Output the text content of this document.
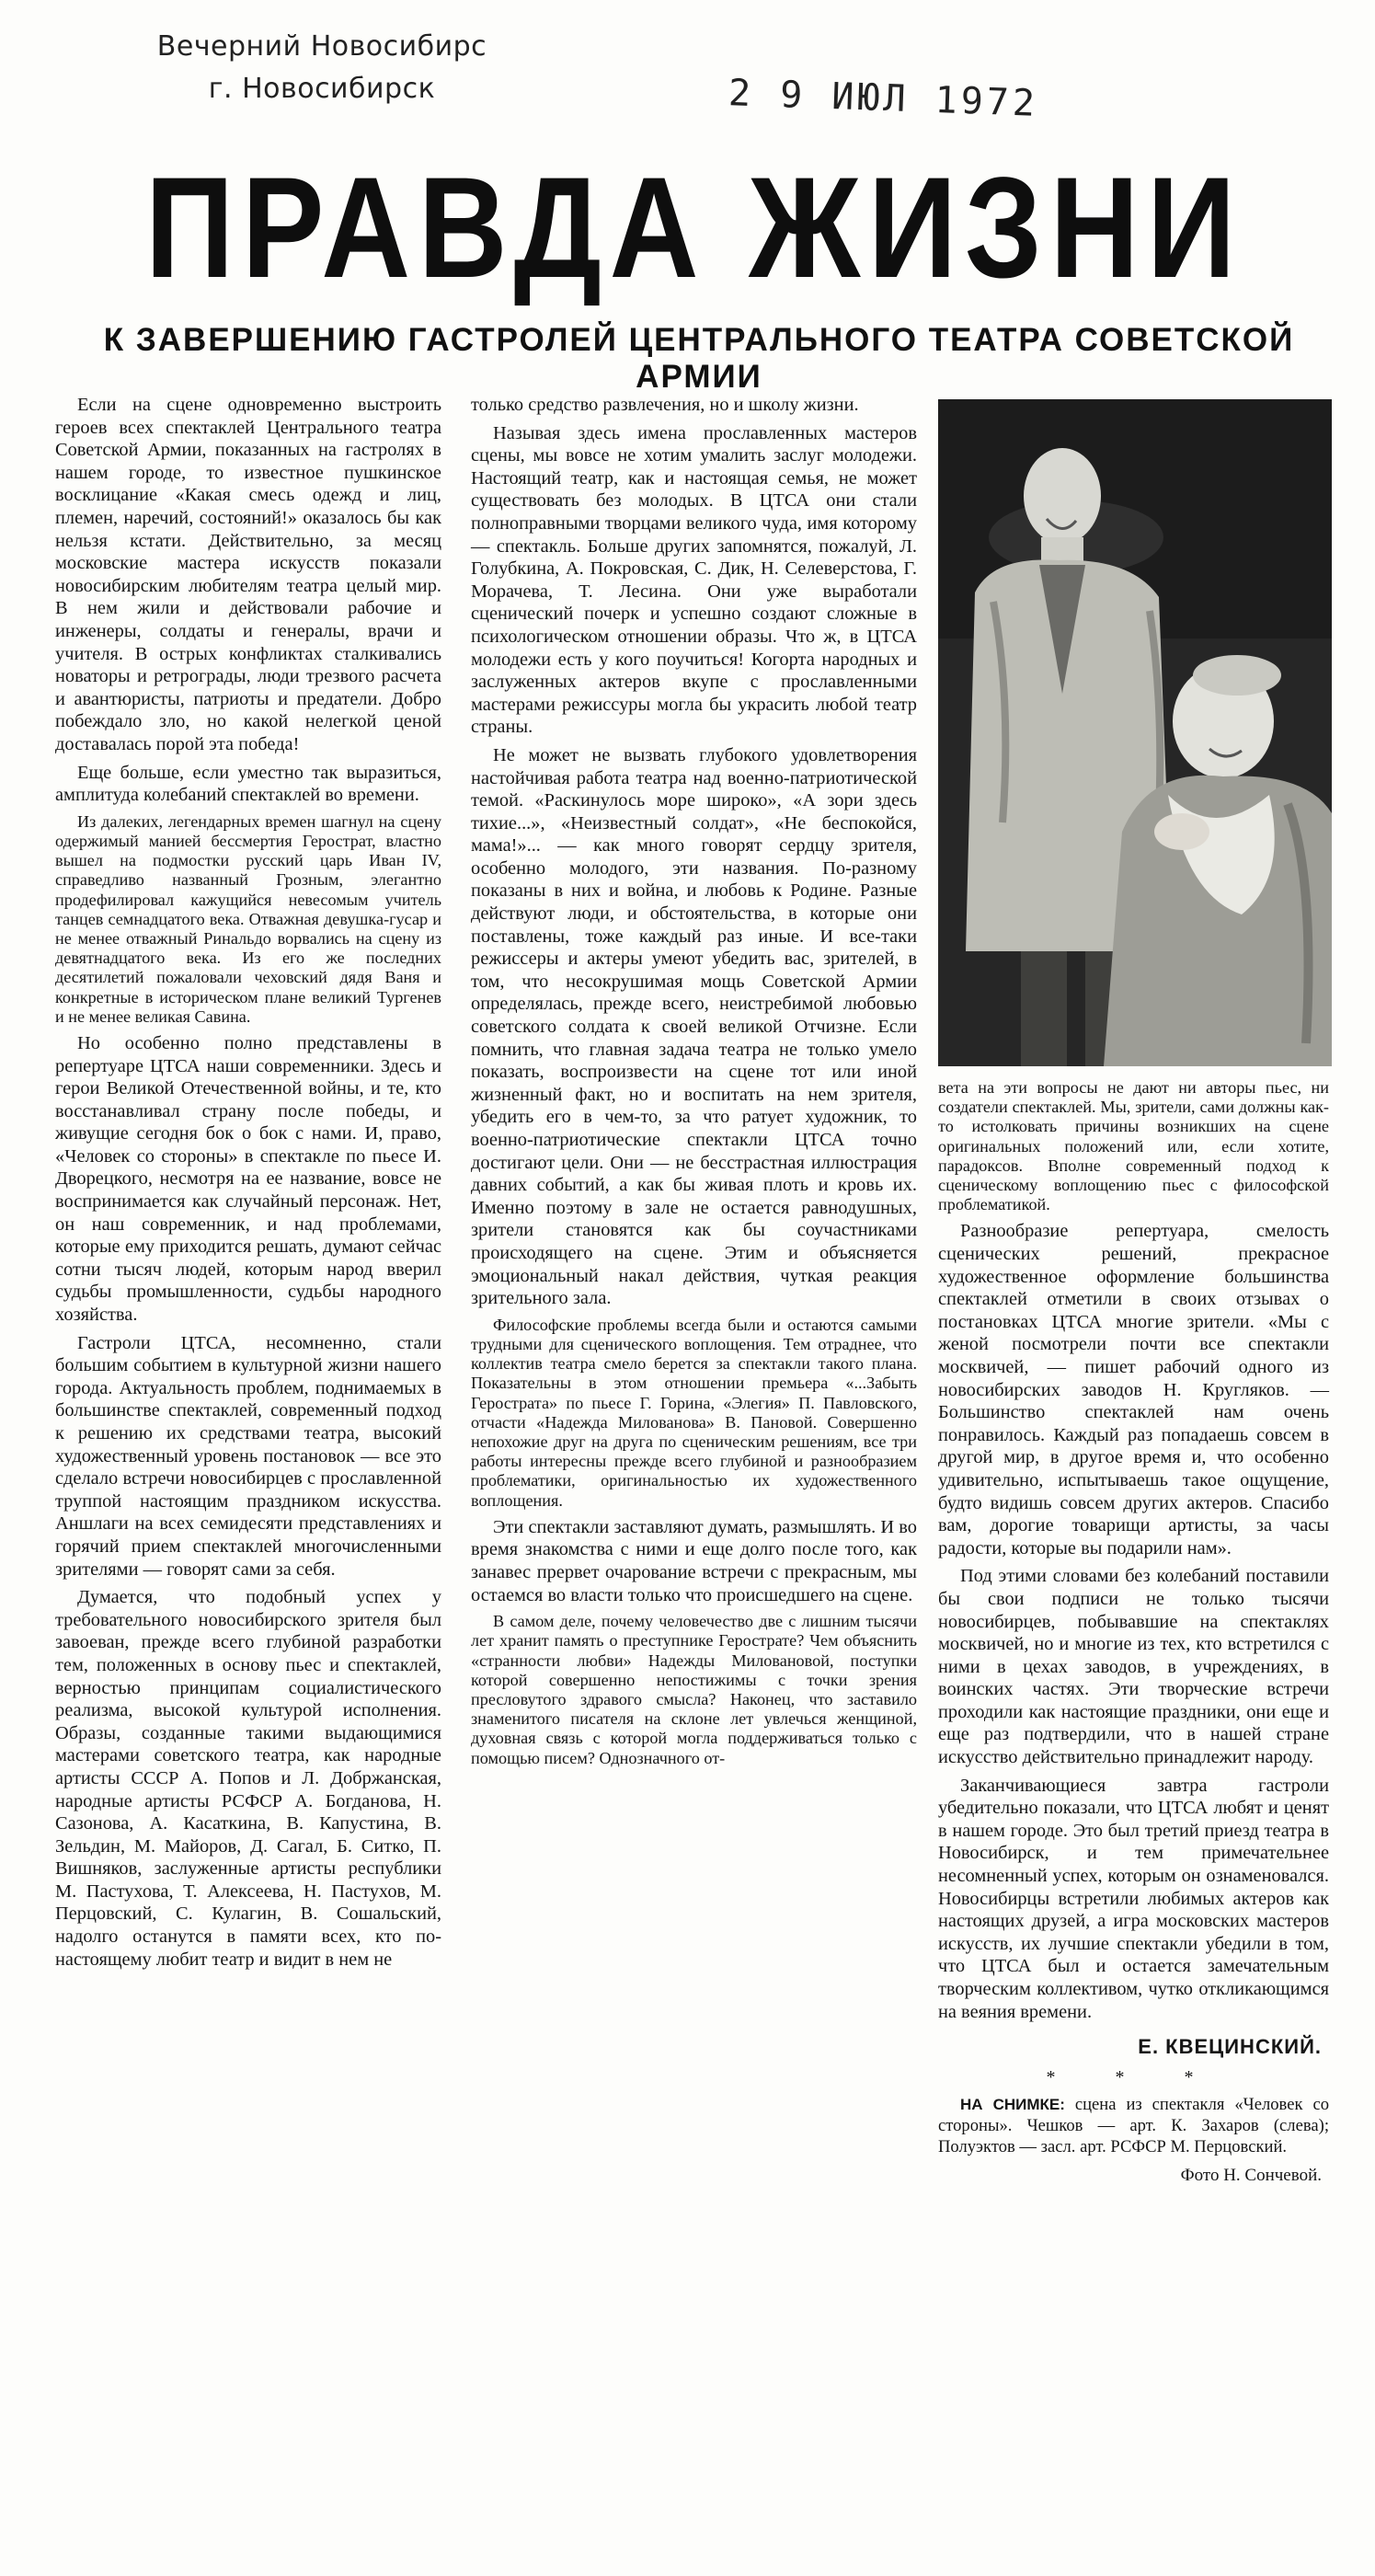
Вечерний Новосибирс
г. Новосибирск	2 9 ИЮЛ 1972
ПРАВДА ЖИЗНИ
К ЗАВЕРШЕНИЮ ГАСТРОЛЕЙ ЦЕНТРАЛЬНОГО ТЕАТРА СОВЕТСКОЙ АРМИИ

Если на сцене одновременно выстроить героев всех спектаклей Центрального театра Советской Армии, показанных на гастролях в нашем городе, то известное пушкинское восклицание «Какая смесь одежд и лиц, племен, наречий, состояний!» оказалось бы как нельзя кстати. Действительно, за месяц московские мастера искусств показали новосибирским любителям театра целый мир. В нем жили и действовали рабочие и инженеры, солдаты и генералы, врачи и учителя. В острых конфликтах сталкивались новаторы и ретрограды, люди трезвого расчета и авантюристы, патриоты и предатели. Добро побеждало зло, но какой нелегкой ценой доставалась порой эта победа!

Еще больше, если уместно так выразиться, амплитуда колебаний спектаклей во времени.

Из далеких, легендарных времен шагнул на сцену одержимый манией бессмертия Герострат, властно вышел на подмостки русский царь Иван IV, справедливо названный Грозным, элегантно продефилировал кажущийся невесомым учитель танцев семнадцатого века. Отважная девушка-гусар и не менее отважный Ринальдо ворвались на сцену из девятнадцатого века. Из его же последних десятилетий пожаловали чеховский дядя Ваня и конкретные в историческом плане великий Тургенев и не менее великая Савина.

Но особенно полно представлены в репертуаре ЦТСА наши современники. Здесь и герои Великой Отечественной войны, и те, кто восстанавливал страну после победы, и живущие сегодня бок о бок с нами. И, право, «Человек со стороны» в спектакле по пьесе И. Дворецкого, несмотря на ее название, вовсе не воспринимается как случайный персонаж. Нет, он наш современник, и над проблемами, которые ему приходится решать, думают сейчас сотни тысяч людей, которым народ вверил судьбы промышленности, судьбы народного хозяйства.

Гастроли ЦТСА, несомненно, стали большим событием в культурной жизни нашего города. Актуальность проблем, поднимаемых в большинстве спектаклей, современный подход к решению их средствами театра, высокий художественный уровень постановок — все это сделало встречи новосибирцев с прославленной труппой настоящим праздником искусства. Аншлаги на всех семидесяти представлениях и горячий прием спектаклей многочисленными зрителями — говорят сами за себя.

Думается, что подобный успех у требовательного новосибирского зрителя был завоеван, прежде всего глубиной разработки тем, положенных в основу пьес и спектаклей, верностью принципам социалистического реализма, высокой культурой исполнения. Образы, созданные такими выдающимися мастерами советского театра, как народные артисты СССР А. Попов и Л. Добржанская, народные артисты РСФСР А. Богданова, Н. Сазонова, А. Касаткина, В. Капустина, В. Зельдин, М. Майоров, Д. Сагал, Б. Ситко, П. Вишняков, заслуженные артисты республики М. Пастухова, Т. Алексеева, Н. Пастухов, М. Перцовский, С. Кулагин, В. Сошальский, надолго останутся в памяти всех, кто по-настоящему любит театр и видит в нем не

только средство развлечения, но и школу жизни.

Называя здесь имена прославленных мастеров сцены, мы вовсе не хотим умалить заслуг молодежи. Настоящий театр, как и настоящая семья, не может существовать без молодых. В ЦТСА они стали полноправными творцами великого чуда, имя которому — спектакль. Больше других запомнятся, пожалуй, Л. Голубкина, А. Покровская, С. Дик, Н. Селеверстова, Г. Морачева, Т. Лесина. Они уже выработали сценический почерк и успешно создают сложные в психологическом отношении образы. Что ж, в ЦТСА молодежи есть у кого поучиться! Когорта народных и заслуженных актеров вкупе с прославленными мастерами режиссуры могла бы украсить любой театр страны.

Не может не вызвать глубокого удовлетворения настойчивая работа театра над военно-патриотической темой. «Раскинулось море широко», «А зори здесь тихие...», «Неизвестный солдат», «Не беспокойся, мама!»... — как много говорят сердцу зрителя, особенно молодого, эти названия. По-разному показаны в них и война, и любовь к Родине. Разные действуют люди, и обстоятельства, в которые они поставлены, тоже каждый раз иные. И все-таки режиссеры и актеры умеют убедить вас, зрителей, в том, что несокрушимая мощь Советской Армии определялась, прежде всего, неистребимой любовью советского солдата к своей великой Отчизне. Если помнить, что главная задача театра не только умело показать, воспроизвести на сцене тот или иной жизненный факт, но и воспитать на нем зрителя, убедить его в чем-то, за что ратует художник, то военно-патриотические спектакли ЦТСА точно достигают цели. Они — не бесстрастная иллюстрация давних событий, а как бы живая плоть и кровь их. Именно поэтому в зале не остается равнодушных, зрители становятся как бы соучастниками происходящего на сцене. Этим и объясняется эмоциональный накал действия, чуткая реакция зрительного зала.

Философские проблемы всегда были и остаются самыми трудными для сценического воплощения. Тем отраднее, что коллектив театра смело берется за спектакли такого плана. Показательны в этом отношении премьера «...Забыть Герострата» по пьесе Г. Горина, «Элегия» П. Павловского, отчасти «Надежда Милованова» В. Пановой. Совершенно непохожие друг на друга по сценическим решениям, все три работы интересны прежде всего глубиной и разнообразием проблематики, оригинальностью их художественного воплощения.

Эти спектакли заставляют думать, размышлять. И во время знакомства с ними и еще долго после того, как занавес прервет очарование встречи с прекрасным, мы остаемся во власти только что происшедшего на сцене.

В самом деле, почему человечество две с лишним тысячи лет хранит память о преступнике Герострате? Чем объяснить «странности любви» Надежды Миловановой, поступки которой совершенно непостижимы с точки зрения пресловутого здравого смысла? Наконец, что заставило знаменитого писателя на склоне лет увлечься женщиной, духовная связь с которой могла поддерживаться только с помощью писем? Однозначного от-

вета на эти вопросы не дают ни авторы пьес, ни создатели спектаклей. Мы, зрители, сами должны как-то истолковать причины возникших на сцене оригинальных положений или, если хотите, парадоксов. Вполне современный подход к сценическому воплощению пьес с философской проблематикой.

Разнообразие репертуара, смелость сценических решений, прекрасное художественное оформление большинства спектаклей отметили в своих отзывах о постановках ЦТСА многие зрители. «Мы с женой посмотрели почти все спектакли москвичей, — пишет рабочий одного из новосибирских заводов Н. Кругляков. — Большинство спектаклей нам очень понравилось. Каждый раз попадаешь совсем в другой мир, в другое время и, что особенно удивительно, испытываешь такое ощущение, будто видишь совсем других актеров. Спасибо вам, дорогие товарищи артисты, за часы радости, которые вы подарили нам».

Под этими словами без колебаний поставили бы свои подписи не только тысячи новосибирцев, побывавшие на спектаклях москвичей, но и многие из тех, кто встретился с ними в цехах заводов, в учреждениях, в воинских частях. Эти творческие встречи проходили как настоящие праздники, они еще и еще раз подтвердили, что в нашей стране искусство действительно принадлежит народу.

Заканчивающиеся завтра гастроли убедительно показали, что ЦТСА любят и ценят в нашем городе. Это был третий приезд театра в Новосибирск, и тем примечательнее несомненный успех, которым он ознаменовался. Новосибирцы встретили любимых актеров как настоящих друзей, а игра московских мастеров искусств, их лучшие спектакли убедили в том, что ЦТСА был и остается замечательным творческим коллективом, чутко откликающимся на веяния времени.

Е. КВЕЦИНСКИЙ.
* * *
НА СНИМКЕ: сцена из спектакля «Человек со стороны». Чешков — арт. К. Захаров (слева); Полуэктов — засл. арт. РСФСР М. Перцовский.
Фото Н. Сончевой.
